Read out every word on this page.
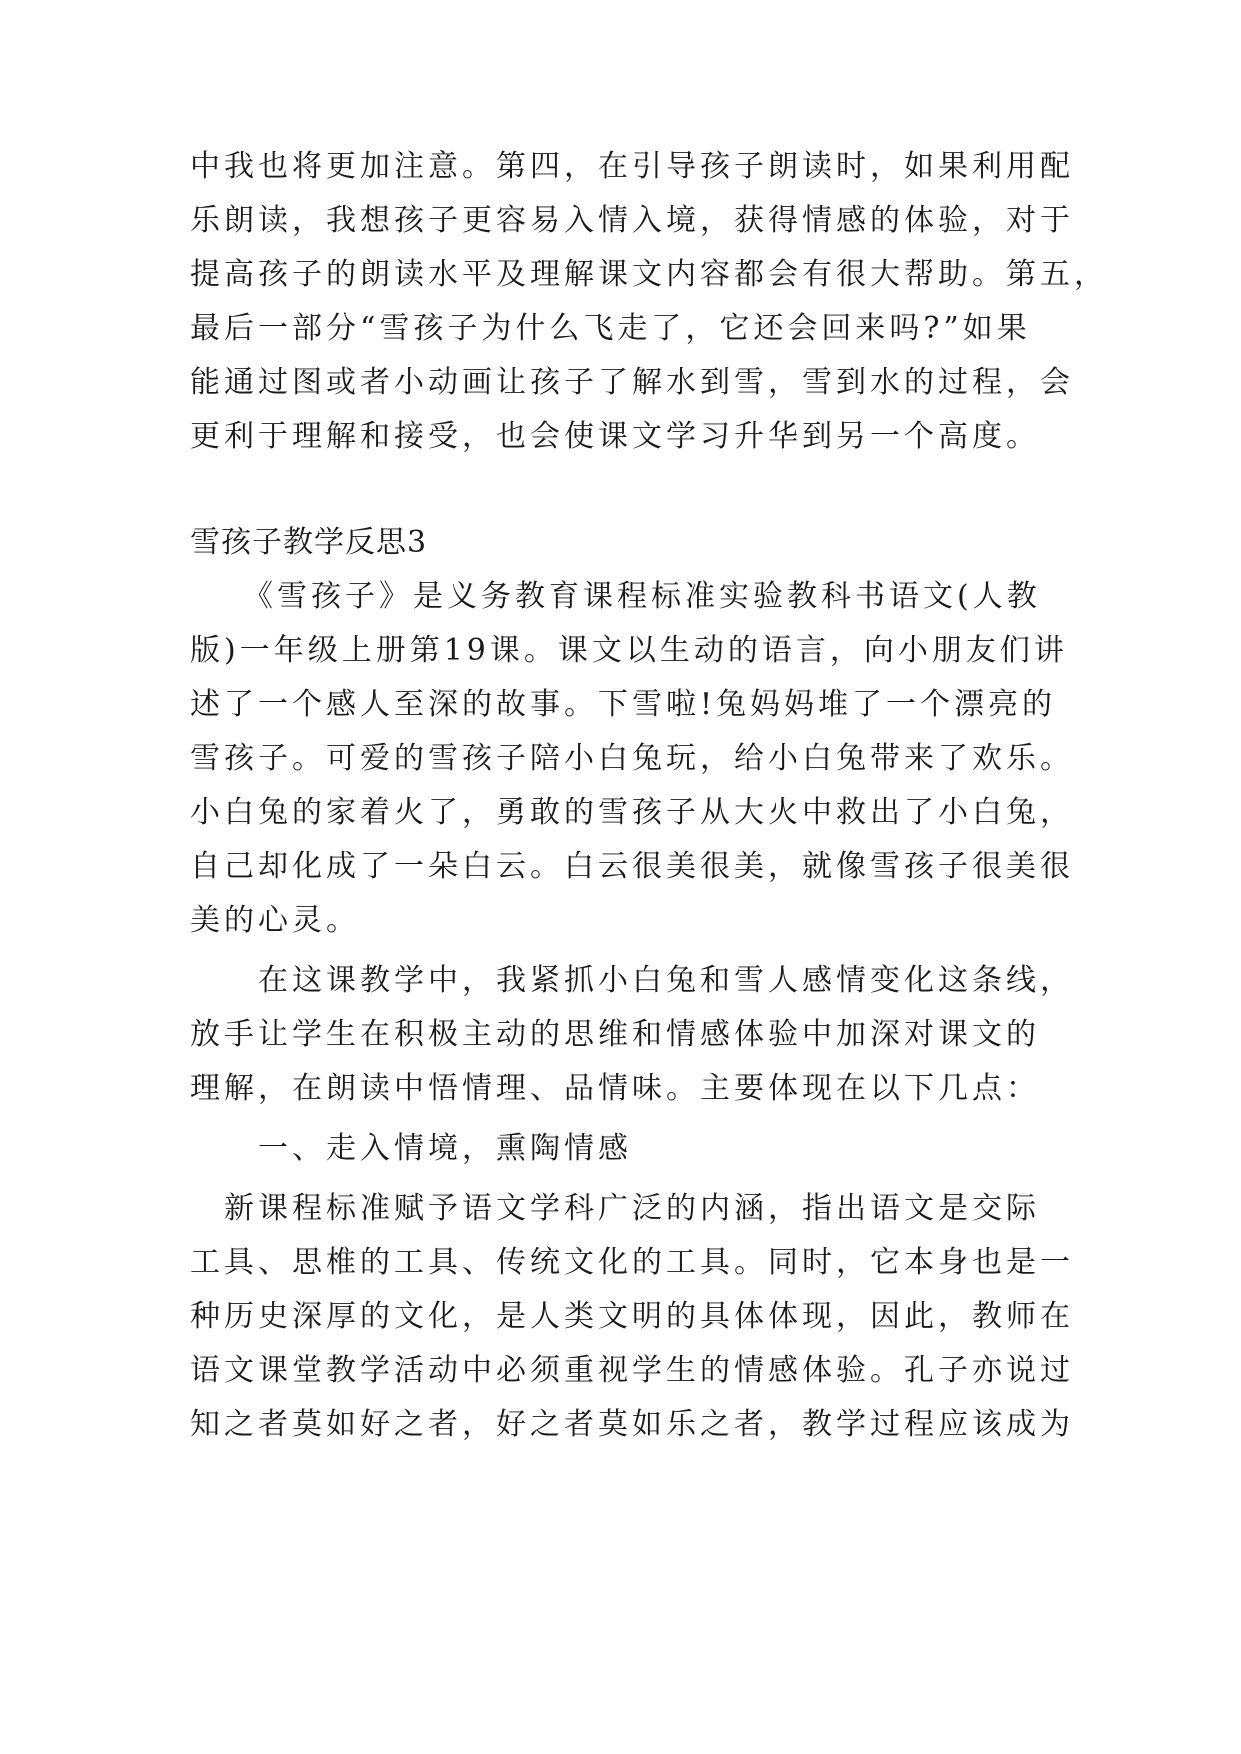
中我也将更加注意。第四，在引导孩子朗读时，如果利用配
乐朗读，我想孩子更容易入情入境，获得情感的体验，对于
提高孩子的朗读水平及理解课文内容都会有很大帮助。第五，
最后一部分“雪孩子为什么飞走了，它还会回来吗?”如果
能通过图或者小动画让孩子了解水到雪，雪到水的过程，会
更利于理解和接受，也会使课文学习升华到另一个高度。
雪孩子教学反思3
　　《雪孩子》是义务教育课程标准实验教科书语文(人教
版)一年级上册第19课。课文以生动的语言，向小朋友们讲
述了一个感人至深的故事。下雪啦!兔妈妈堆了一个漂亮的
雪孩子。可爱的雪孩子陪小白兔玩，给小白兔带来了欢乐。
小白兔的家着火了，勇敢的雪孩子从大火中救出了小白兔，
自己却化成了一朵白云。白云很美很美，就像雪孩子很美很
美的心灵。
　　在这课教学中，我紧抓小白兔和雪人感情变化这条线，
放手让学生在积极主动的思维和情感体验中加深对课文的
理解，在朗读中悟情理、品情味。主要体现在以下几点：
　　一、走入情境，熏陶情感
　新课程标准赋予语文学科广泛的内涵，指出语文是交际
工具、思椎的工具、传统文化的工具。同时，它本身也是一
种历史深厚的文化，是人类文明的具体体现，因此，教师在
语文课堂教学活动中必须重视学生的情感体验。孔子亦说过
知之者莫如好之者，好之者莫如乐之者，教学过程应该成为
